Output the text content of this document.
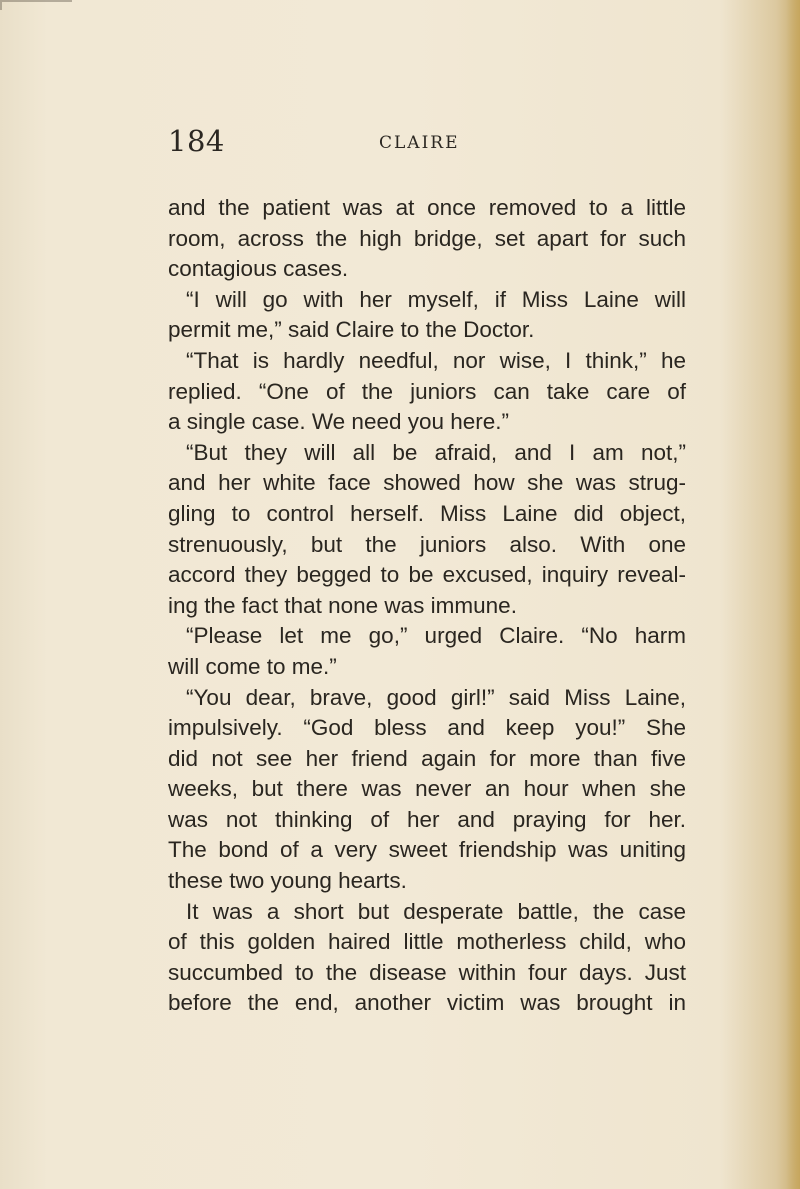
184	CLAIRE
and the patient was at once removed to a little
room, across the high bridge, set apart for such
contagious cases.
“I will go with her myself, if Miss Laine will
permit me,” said Claire to the Doctor.
“That is hardly needful, nor wise, I think,” he
replied. “One of the juniors can take care of
a single case. We need you here.”
“But they will all be afraid, and I am not,”
and her white face showed how she was strug-
gling to control herself. Miss Laine did object,
strenuously, but the juniors also. With one
accord they begged to be excused, inquiry reveal-
ing the fact that none was immune.
“Please let me go,” urged Claire. “No harm
will come to me.”
“You dear, brave, good girl!” said Miss Laine,
impulsively. “God bless and keep you!” She
did not see her friend again for more than five
weeks, but there was never an hour when she
was not thinking of her and praying for her.
The bond of a very sweet friendship was uniting
these two young hearts.
It was a short but desperate battle, the case
of this golden haired little motherless child, who
succumbed to the disease within four days. Just
before the end, another victim was brought in
